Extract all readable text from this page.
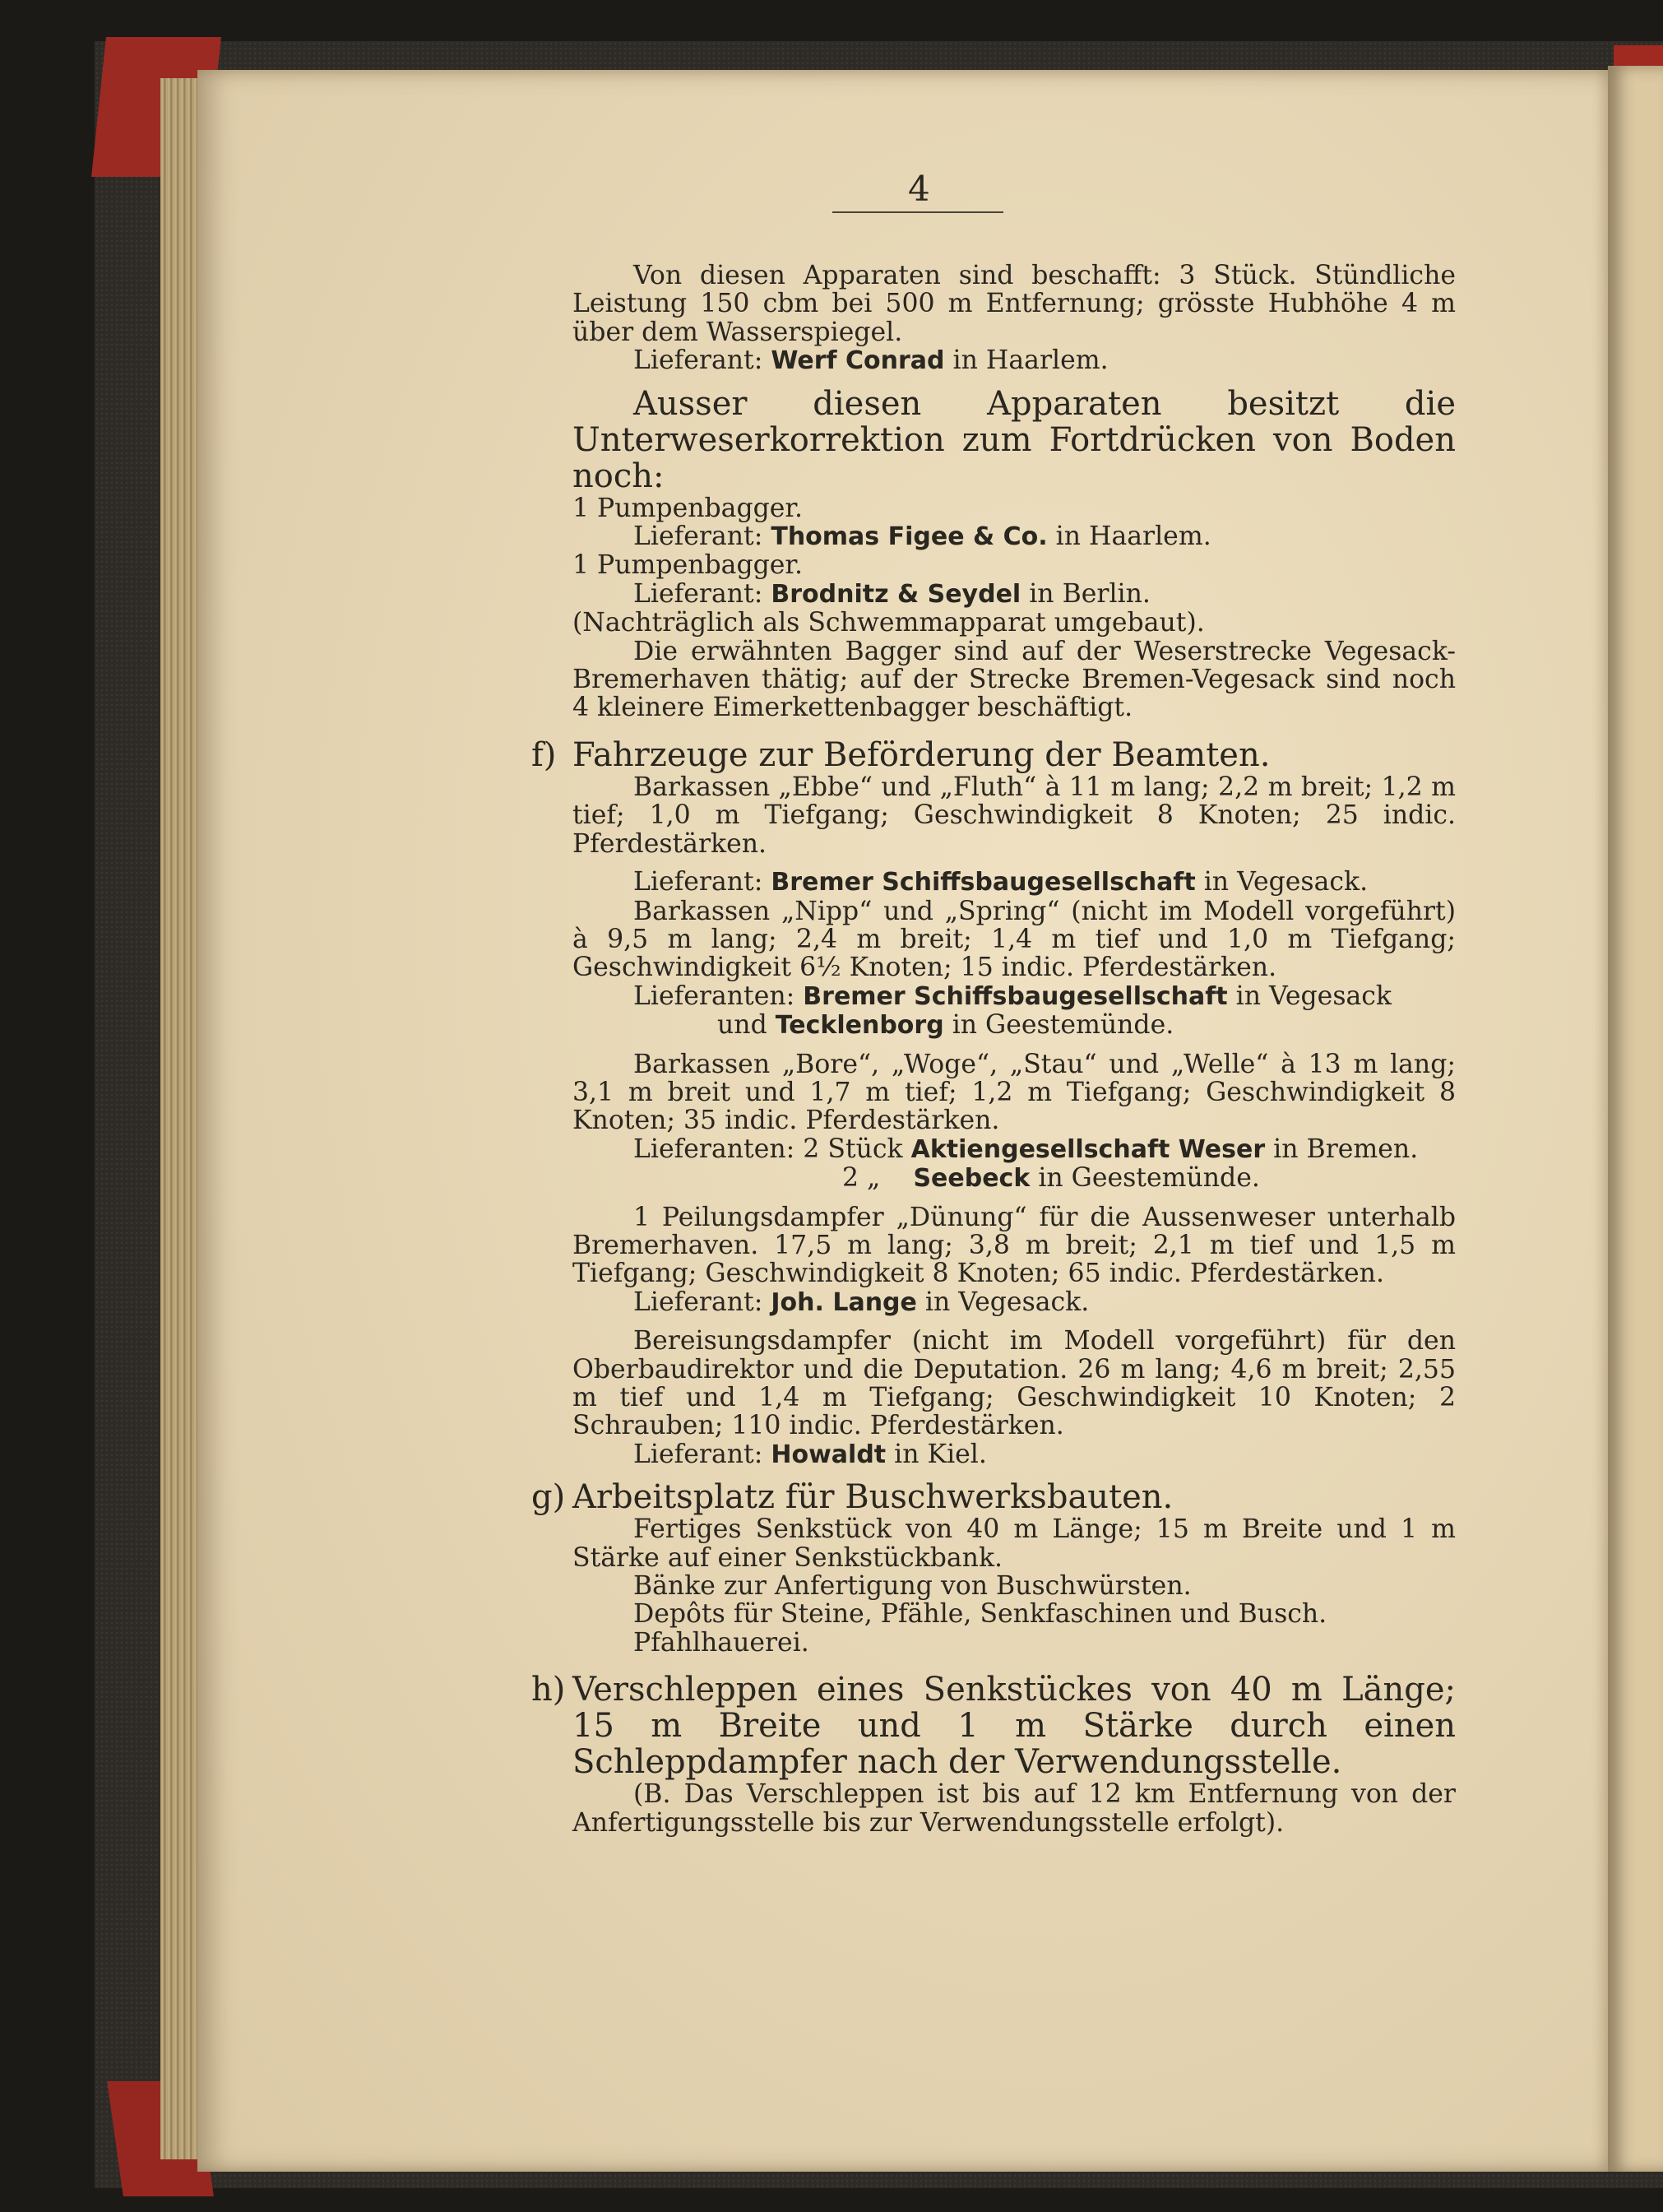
4

Von diesen Apparaten sind beschafft: 3 Stück. Stündliche Leistung 150 cbm bei 500 m Entfernung; grösste Hubhöhe 4 m über dem Wasserspiegel.

Lieferant: Werf Conrad in Haarlem.

Ausser diesen Apparaten besitzt die Unterweserkorrektion zum Fortdrücken von Boden noch:

1 Pumpenbagger.

Lieferant: Thomas Figee & Co. in Haarlem.

1 Pumpenbagger.

Lieferant: Brodnitz & Seydel in Berlin.

(Nachträglich als Schwemmapparat umgebaut).

Die erwähnten Bagger sind auf der Weserstrecke Vegesack-Bremerhaven thätig; auf der Strecke Bremen-Vegesack sind noch 4 kleinere Eimerkettenbagger beschäftigt.

f) Fahrzeuge zur Beförderung der Beamten.

Barkassen „Ebbe“ und „Fluth“ à 11 m lang; 2,2 m breit; 1,2 m tief; 1,0 m Tiefgang; Geschwindigkeit 8 Knoten; 25 indic. Pferdestärken.

Lieferant: Bremer Schiffsbaugesellschaft in Vegesack.

Barkassen „Nipp“ und „Spring“ (nicht im Modell vorgeführt) à 9,5 m lang; 2,4 m breit; 1,4 m tief und 1,0 m Tiefgang; Geschwindigkeit 6½ Knoten; 15 indic. Pferdestärken.

Lieferanten: Bremer Schiffsbaugesellschaft in Vegesack

und Tecklenborg in Geestemünde.

Barkassen „Bore“, „Woge“, „Stau“ und „Welle“ à 13 m lang; 3,1 m breit und 1,7 m tief; 1,2 m Tiefgang; Geschwindigkeit 8 Knoten; 35 indic. Pferdestärken.

Lieferanten: 2 Stück Aktiengesellschaft Weser in Bremen.

2 „ Seebeck in Geestemünde.

1 Peilungsdampfer „Dünung“ für die Aussenweser unterhalb Bremerhaven. 17,5 m lang; 3,8 m breit; 2,1 m tief und 1,5 m Tiefgang; Geschwindigkeit 8 Knoten; 65 indic. Pferdestärken.

Lieferant: Joh. Lange in Vegesack.

Bereisungsdampfer (nicht im Modell vorgeführt) für den Oberbaudirektor und die Deputation. 26 m lang; 4,6 m breit; 2,55 m tief und 1,4 m Tiefgang; Geschwindigkeit 10 Knoten; 2 Schrauben; 110 indic. Pferdestärken.

Lieferant: Howaldt in Kiel.

g) Arbeitsplatz für Buschwerksbauten.

Fertiges Senkstück von 40 m Länge; 15 m Breite und 1 m Stärke auf einer Senkstückbank.

Bänke zur Anfertigung von Buschwürsten.

Depôts für Steine, Pfähle, Senkfaschinen und Busch.

Pfahlhauerei.

h) Verschleppen eines Senkstückes von 40 m Länge; 15 m Breite und 1 m Stärke durch einen Schleppdampfer nach der Verwendungsstelle.

(B. Das Verschleppen ist bis auf 12 km Entfernung von der Anfertigungsstelle bis zur Verwendungsstelle erfolgt).
